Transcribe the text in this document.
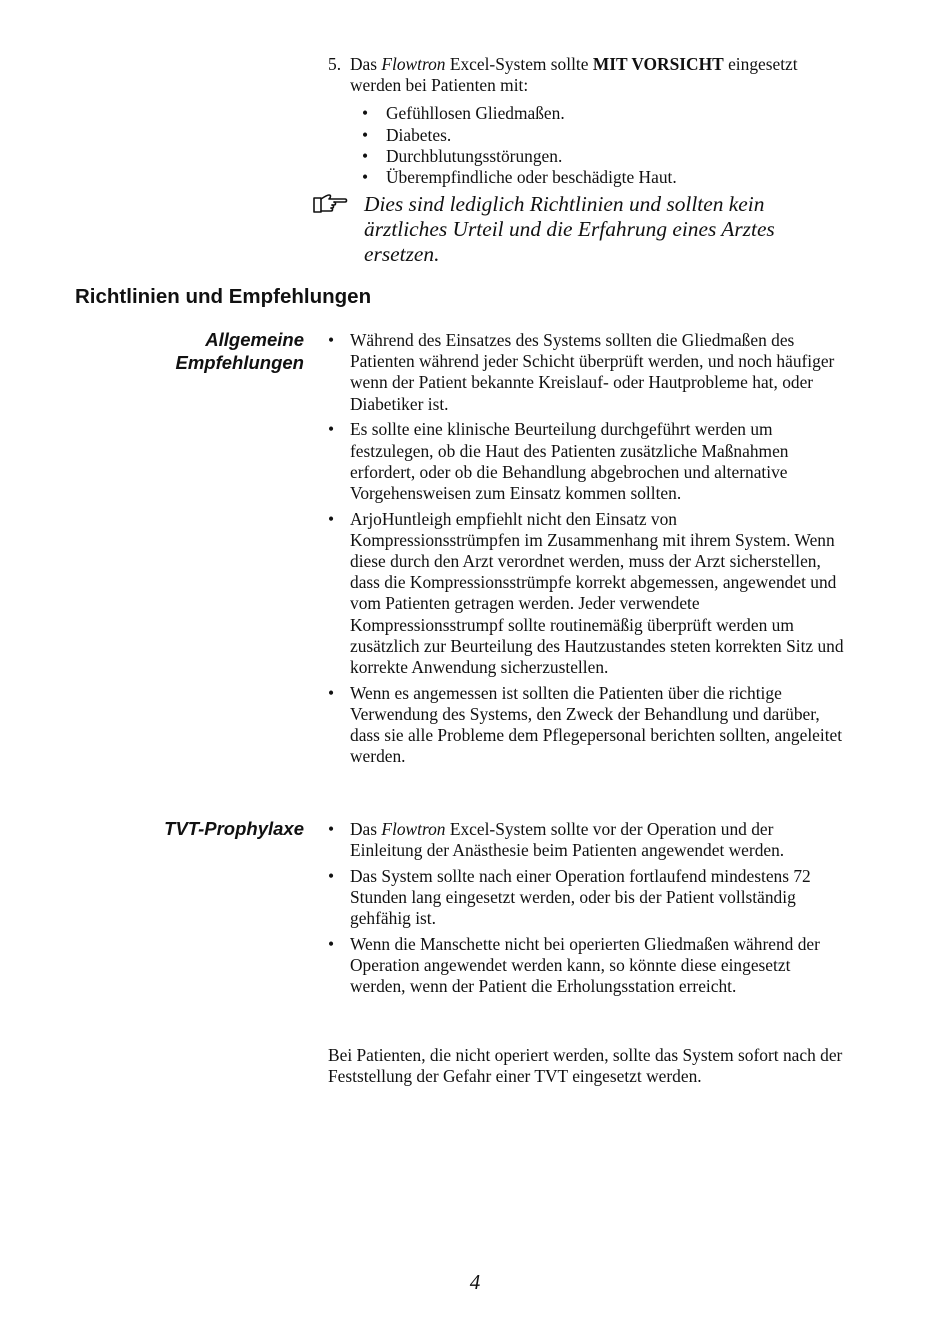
5. Das Flowtron Excel-System sollte MIT VORSICHT eingesetzt werden bei Patienten mit:
• Gefühllosen Gliedmaßen.
• Diabetes.
• Durchblutungsstörungen.
• Überempfindliche oder beschädigte Haut.
Dies sind lediglich Richtlinien und sollten kein ärztliches Urteil und die Erfahrung eines Arztes ersetzen.
Richtlinien und Empfehlungen

Allgemeine
Empfehlungen

• Während des Einsatzes des Systems sollten die Gliedmaßen des Patienten während jeder Schicht überprüft werden, und noch häufiger wenn der Patient bekannte Kreislauf- oder Hautprobleme hat, oder Diabetiker ist.
• Es sollte eine klinische Beurteilung durchgeführt werden um festzulegen, ob die Haut des Patienten zusätzliche Maßnahmen erfordert, oder ob die Behandlung abgebrochen und alternative Vorgehensweisen zum Einsatz kommen sollten.
• ArjoHuntleigh empfiehlt nicht den Einsatz von Kompressionsstrümpfen im Zusammenhang mit ihrem System. Wenn diese durch den Arzt verordnet werden, muss der Arzt sicherstellen, dass die Kompressionsstrümpfe korrekt abgemessen, angewendet und vom Patienten getragen werden. Jeder verwendete Kompressionsstrumpf sollte routinemäßig überprüft werden um zusätzlich zur Beurteilung des Hautzustandes steten korrekten Sitz und korrekte Anwendung sicherzustellen.
• Wenn es angemessen ist sollten die Patienten über die richtige Verwendung des Systems, den Zweck der Behandlung und darüber, dass sie alle Probleme dem Pflegepersonal berichten sollten, angeleitet werden.

TVT-Prophylaxe

•	Das Flowtron Excel-System sollte vor der Operation und der Einleitung der Anästhesie beim Patienten angewendet werden.
• Das System sollte nach einer Operation fortlaufend mindestens 72 Stunden lang eingesetzt werden, oder bis der Patient vollständig gehfähig ist.
• Wenn die Manschette nicht bei operierten Gliedmaßen während der Operation angewendet werden kann, so könnte diese eingesetzt werden, wenn der Patient die Erholungsstation erreicht.

Bei Patienten, die nicht operiert werden, sollte das System sofort nach der Feststellung der Gefahr einer TVT eingesetzt werden.

4
